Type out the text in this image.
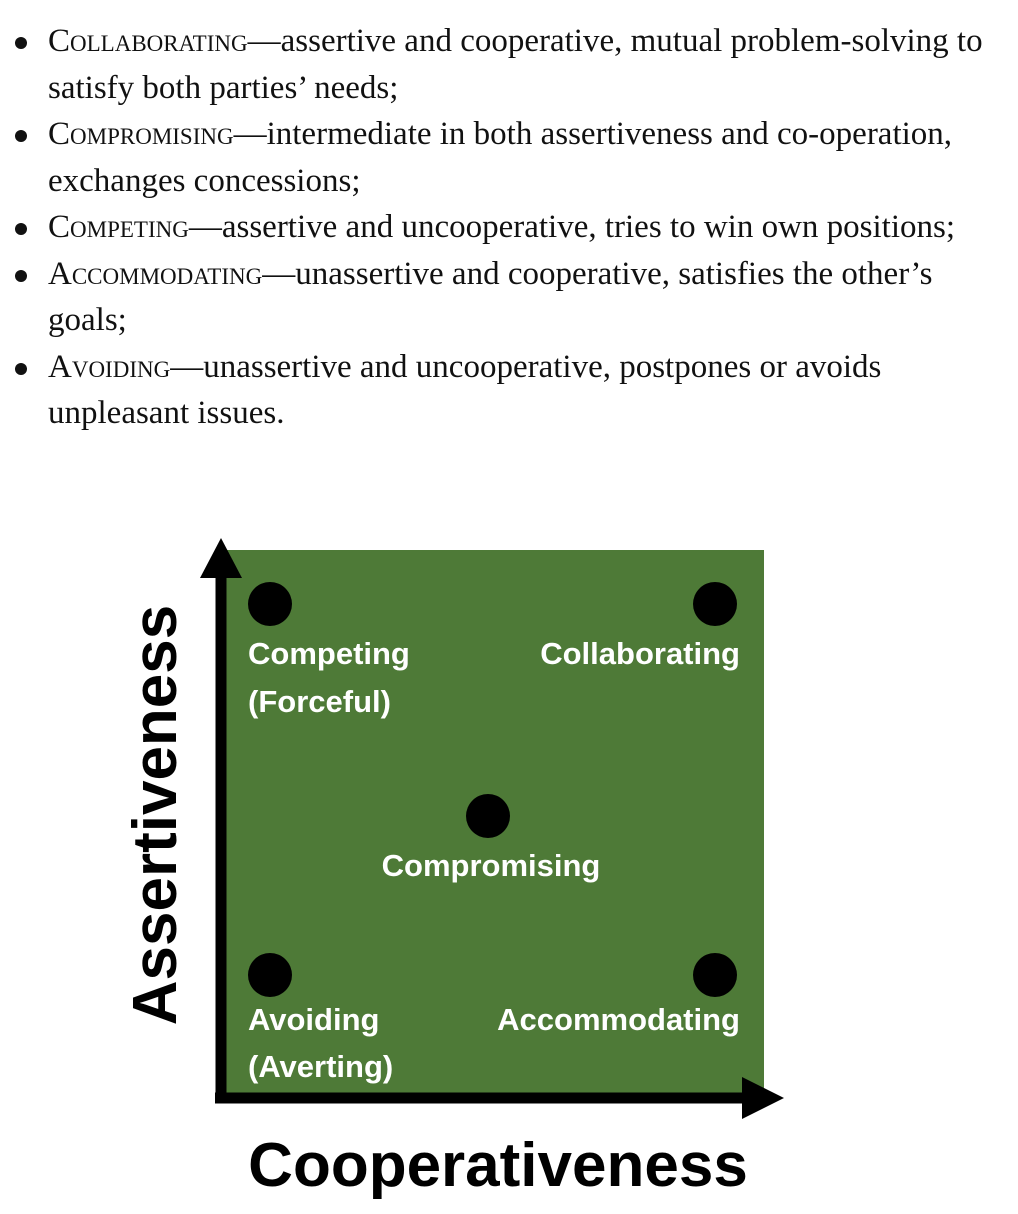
Collaborating—assertive and cooperative, mutual problem-solving to satisfy both parties’ needs;
Compromising—intermediate in both assertiveness and co-operation, exchanges concessions;
Competing—assertive and uncooperative, tries to win own positions;
Accommodating—unassertive and cooperative, satisfies the other’s goals;
Avoiding—unassertive and uncooperative, postpones or avoids unpleasant issues.
Competing
(Forceful)
Collaborating
Compromising
Avoiding
(Averting)
Accommodating
Assertiveness
Cooperativeness
